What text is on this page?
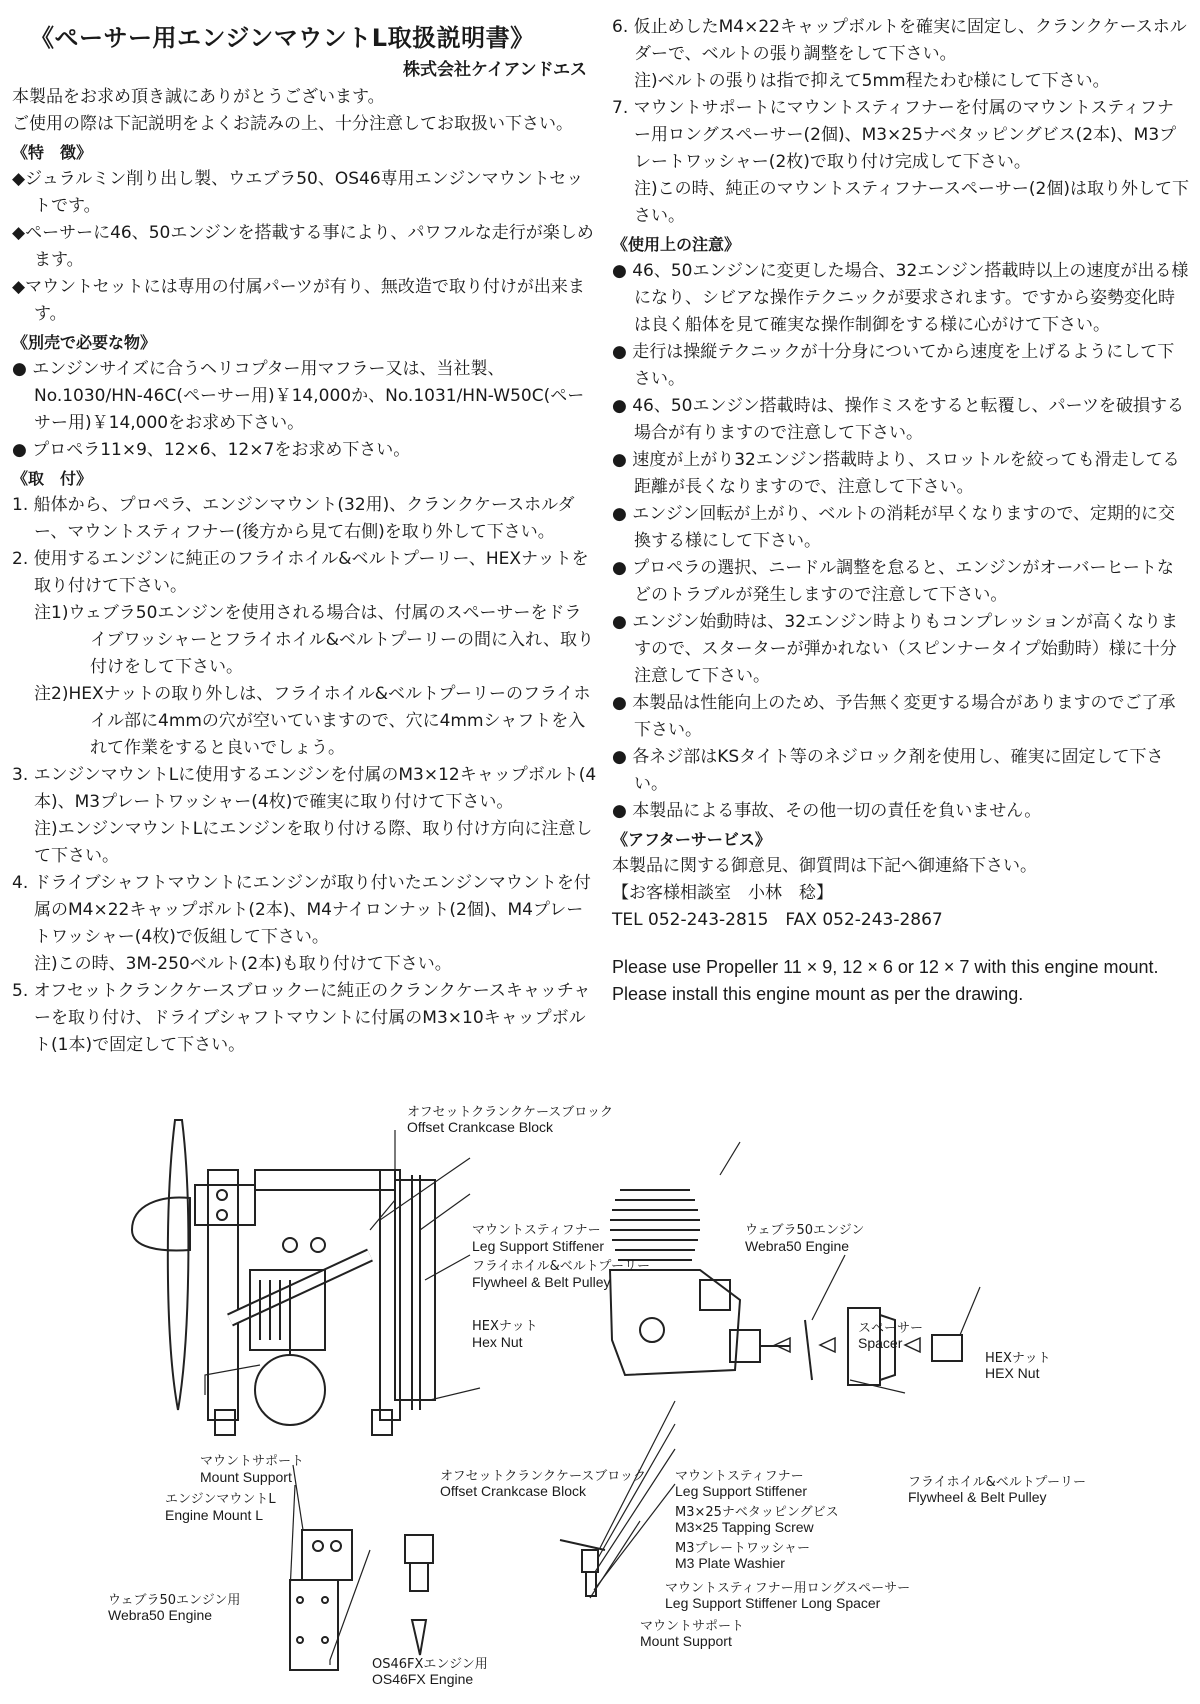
《ペーサー用エンジンマウントL取扱説明書》
株式会社ケイアンドエス
本製品をお求め頂き誠にありがとうございます。
ご使用の際は下記説明をよくお読みの上、十分注意してお取扱い下さい。
《特　徴》
◆ジュラルミン削り出し製、ウエブラ50、OS46専用エンジンマウントセットです。
◆ペーサーに46、50エンジンを搭載する事により、パワフルな走行が楽しめます。
◆マウントセットには専用の付属パーツが有り、無改造で取り付けが出来ます。
《別売で必要な物》
● エンジンサイズに合うヘリコプター用マフラー又は、当社製、No.1030/HN-46C(ペーサー用)￥14,000か、No.1031/HN-W50C(ペーサー用)￥14,000をお求め下さい。
● プロペラ11×9、12×6、12×7をお求め下さい。
《取　付》
1. 船体から、プロペラ、エンジンマウント(32用)、クランクケースホルダー、マウントスティフナー(後方から見て右側)を取り外して下さい。
2. 使用するエンジンに純正のフライホイル&ベルトプーリー、HEXナットを取り付けて下さい。
注1)ウェブラ50エンジンを使用される場合は、付属のスペーサーをドライブワッシャーとフライホイル&ベルトプーリーの間に入れ、取り付けをして下さい。
注2)HEXナットの取り外しは、フライホイル&ベルトプーリーのフライホイル部に4mmの穴が空いていますので、穴に4mmシャフトを入れて作業をすると良いでしょう。
3. エンジンマウントLに使用するエンジンを付属のM3×12キャップボルト(4本)、M3プレートワッシャー(4枚)で確実に取り付けて下さい。
注)エンジンマウントLにエンジンを取り付ける際、取り付け方向に注意して下さい。
4. ドライブシャフトマウントにエンジンが取り付いたエンジンマウントを付属のM4×22キャップボルト(2本)、M4ナイロンナット(2個)、M4プレートワッシャー(4枚)で仮組して下さい。
注)この時、3M-250ベルト(2本)も取り付けて下さい。
5. オフセットクランクケースブロックーに純正のクランクケースキャッチャーを取り付け、ドライブシャフトマウントに付属のM3×10キャップボルト(1本)で固定して下さい。
6. 仮止めしたM4×22キャップボルトを確実に固定し、クランクケースホルダーで、ベルトの張り調整をして下さい。
注)ベルトの張りは指で抑えて5mm程たわむ様にして下さい。
7. マウントサポートにマウントスティフナーを付属のマウントスティフナー用ロングスペーサー(2個)、M3×25ナベタッピングビス(2本)、M3プレートワッシャー(2枚)で取り付け完成して下さい。
注)この時、純正のマウントスティフナースペーサー(2個)は取り外して下さい。
《使用上の注意》
● 46、50エンジンに変更した場合、32エンジン搭載時以上の速度が出る様になり、シビアな操作テクニックが要求されます。ですから姿勢変化時は良く船体を見て確実な操作制御をする様に心がけて下さい。
● 走行は操縦テクニックが十分身についてから速度を上げるようにして下さい。
● 46、50エンジン搭載時は、操作ミスをすると転覆し、パーツを破損する場合が有りますので注意して下さい。
● 速度が上がり32エンジン搭載時より、スロットルを絞っても滑走してる距離が長くなりますので、注意して下さい。
● エンジン回転が上がり、ベルトの消耗が早くなりますので、定期的に交換する様にして下さい。
● プロペラの選択、ニードル調整を怠ると、エンジンがオーバーヒートなどのトラブルが発生しますので注意して下さい。
● エンジン始動時は、32エンジン時よりもコンプレッションが高くなりますので、スターターが弾かれない（スピンナータイプ始動時）様に十分注意して下さい。
● 本製品は性能向上のため、予告無く変更する場合がありますのでご了承下さい。
● 各ネジ部はKSタイト等のネジロック剤を使用し、確実に固定して下さい。
● 本製品による事故、その他一切の責任を負いません。
《アフターサービス》
本製品に関する御意見、御質問は下記へ御連絡下さい。
【お客様相談室　小林　稔】
TEL 052-243-2815　FAX 052-243-2867
Please use Propeller 11 × 9, 12 × 6 or 12 × 7 with this engine mount.
Please install this engine mount as per the drawing.
オフセットクランクケースブロック
Offset Crankcase Block
マウントスティフナー
Leg Support Stiffener
フライホイル&ベルトプーリー
Flywheel & Belt Pulley
HEXナット
Hex Nut
ウェブラ50エンジン
Webra50 Engine
スペーサー
Spacer
HEXナット
HEX Nut
マウントサポート
Mount Support	フライホイル&ベルトプーリー
Flywheel & Belt Pulley
エンジンマウントL
Engine Mount L
オフセットクランクケースブロック
Offset Crankcase Block
マウントスティフナー
Leg Support Stiffener
M3×25ナベタッピングビス
M3×25 Tapping Screw
M3プレートワッシャー
M3 Plate Washier
マウントスティフナー用ロングスペーサー
Leg Support Stiffener Long Spacer
マウントサポート
Mount Support
ウェブラ50エンジン用
Webra50 Engine
OS46FXエンジン用
OS46FX Engine
